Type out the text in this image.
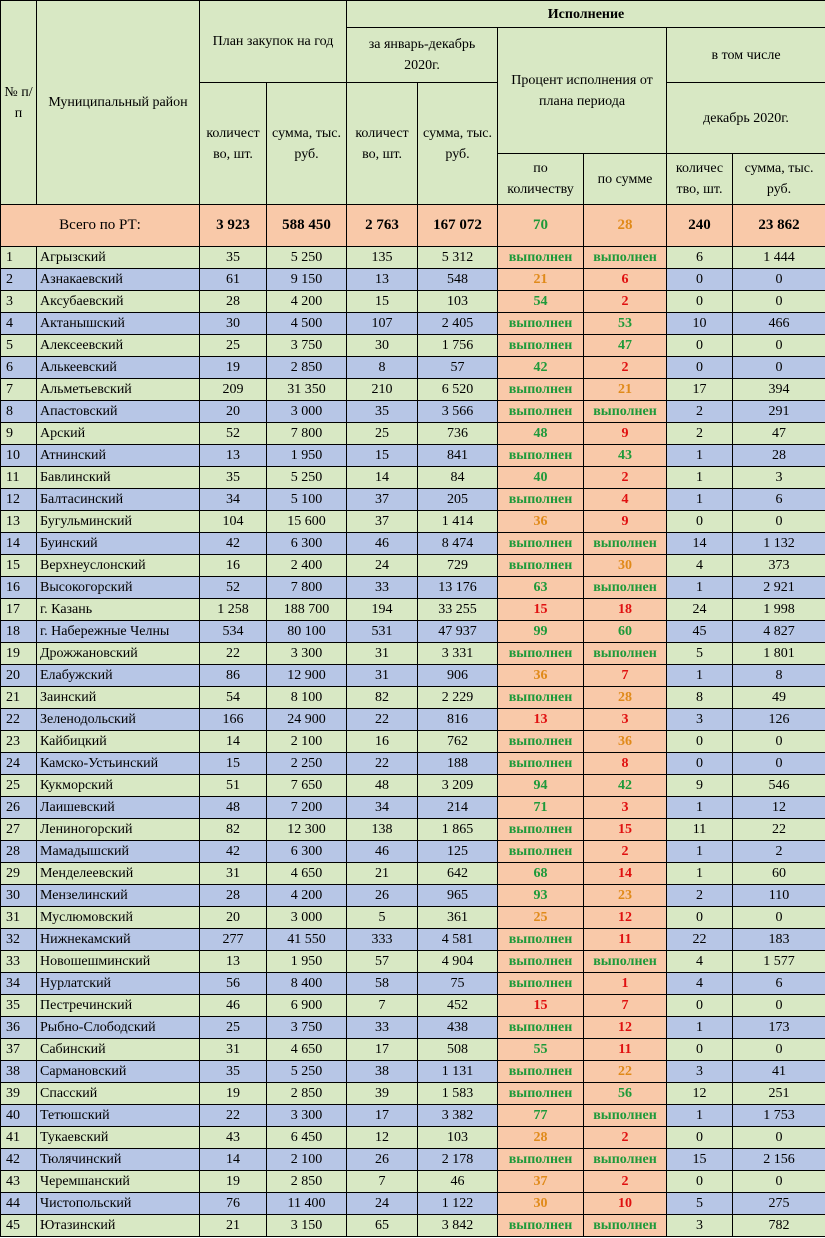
№ п/п	Муниципальный район	План закупок на год		Исполнение					
				за январь-декабрь 2020г.		Процент исполнения от плана периода		в том числе	
		количест во, шт.	сумма, тыс. руб.	количест во, шт.	сумма, тыс. руб.			декабрь 2020г.	
						по количеству	по сумме	количес тво, шт.	сумма, тыс. руб.
Всего по РТ:		3 923	588 450	2 763	167 072	70	28	240	23 862
1	Агрызский	35	5 250	135	5 312	выполнен	выполнен	6	1 444
2	Азнакаевский	61	9 150	13	548	21	6	0	0
3	Аксубаевский	28	4 200	15	103	54	2	0	0
4	Актанышский	30	4 500	107	2 405	выполнен	53	10	466
5	Алексеевский	25	3 750	30	1 756	выполнен	47	0	0
6	Алькеевский	19	2 850	8	57	42	2	0	0
7	Альметьевский	209	31 350	210	6 520	выполнен	21	17	394
8	Апастовский	20	3 000	35	3 566	выполнен	выполнен	2	291
9	Арский	52	7 800	25	736	48	9	2	47
10	Атнинский	13	1 950	15	841	выполнен	43	1	28
11	Бавлинский	35	5 250	14	84	40	2	1	3
12	Балтасинский	34	5 100	37	205	выполнен	4	1	6
13	Бугульминский	104	15 600	37	1 414	36	9	0	0
14	Буинский	42	6 300	46	8 474	выполнен	выполнен	14	1 132
15	Верхнеуслонский	16	2 400	24	729	выполнен	30	4	373
16	Высокогорский	52	7 800	33	13 176	63	выполнен	1	2 921
17	г. Казань	1 258	188 700	194	33 255	15	18	24	1 998
18	г. Набережные Челны	534	80 100	531	47 937	99	60	45	4 827
19	Дрожжановский	22	3 300	31	3 331	выполнен	выполнен	5	1 801
20	Елабужский	86	12 900	31	906	36	7	1	8
21	Заинский	54	8 100	82	2 229	выполнен	28	8	49
22	Зеленодольский	166	24 900	22	816	13	3	3	126
23	Кайбицкий	14	2 100	16	762	выполнен	36	0	0
24	Камско-Устьинский	15	2 250	22	188	выполнен	8	0	0
25	Кукморский	51	7 650	48	3 209	94	42	9	546
26	Лаишевский	48	7 200	34	214	71	3	1	12
27	Лениногорский	82	12 300	138	1 865	выполнен	15	11	22
28	Мамадышский	42	6 300	46	125	выполнен	2	1	2
29	Менделеевский	31	4 650	21	642	68	14	1	60
30	Мензелинский	28	4 200	26	965	93	23	2	110
31	Муслюмовский	20	3 000	5	361	25	12	0	0
32	Нижнекамский	277	41 550	333	4 581	выполнен	11	22	183
33	Новошешминский	13	1 950	57	4 904	выполнен	выполнен	4	1 577
34	Нурлатский	56	8 400	58	75	выполнен	1	4	6
35	Пестречинский	46	6 900	7	452	15	7	0	0
36	Рыбно-Слободский	25	3 750	33	438	выполнен	12	1	173
37	Сабинский	31	4 650	17	508	55	11	0	0
38	Сармановский	35	5 250	38	1 131	выполнен	22	3	41
39	Спасский	19	2 850	39	1 583	выполнен	56	12	251
40	Тетюшский	22	3 300	17	3 382	77	выполнен	1	1 753
41	Тукаевский	43	6 450	12	103	28	2	0	0
42	Тюлячинский	14	2 100	26	2 178	выполнен	выполнен	15	2 156
43	Черемшанский	19	2 850	7	46	37	2	0	0
44	Чистопольский	76	11 400	24	1 122	30	10	5	275
45	Ютазинский	21	3 150	65	3 842	выполнен	выполнен	3	782
